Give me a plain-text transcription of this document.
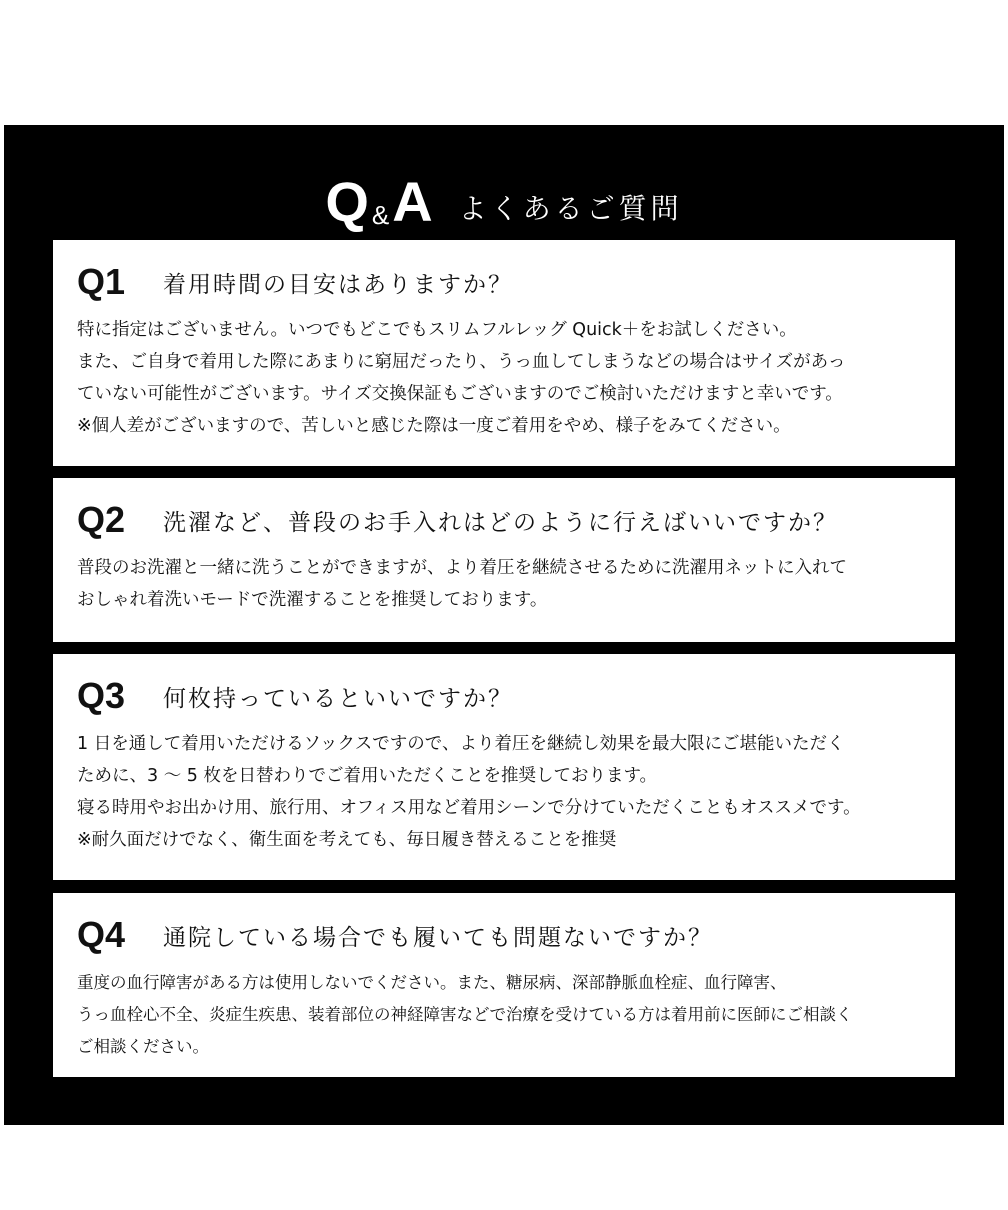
Q & A よくあるご質問
Q1	着用時間の目安はありますか？
特に指定はございません。いつでもどこでもスリムフルレッグ Quick＋をお試しください。
また、ご自身で着用した際にあまりに窮屈だったり、うっ血してしまうなどの場合はサイズがあっ
ていない可能性がございます。サイズ交換保証もございますのでご検討いただけますと幸いです。
※個人差がございますので、苦しいと感じた際は一度ご着用をやめ、様子をみてください。
Q2	洗濯など、普段のお手入れはどのように行えばいいですか？
普段のお洗濯と一緒に洗うことができますが、より着圧を継続させるために洗濯用ネットに入れて
おしゃれ着洗いモードで洗濯することを推奨しております。
Q3	何枚持っているといいですか？
1 日を通して着用いただけるソックスですので、より着圧を継続し効果を最大限にご堪能いただく
ために、3 ～ 5 枚を日替わりでご着用いただくことを推奨しております。
寝る時用やお出かけ用、旅行用、オフィス用など着用シーンで分けていただくこともオススメです。
※耐久面だけでなく、衛生面を考えても、毎日履き替えることを推奨
Q4	通院している場合でも履いても問題ないですか？
重度の血行障害がある方は使用しないでください。また、糖尿病、深部静脈血栓症、血行障害、
うっ血栓心不全、炎症生疾患、装着部位の神経障害などで治療を受けている方は着用前に医師にご相談く
ご相談ください。
